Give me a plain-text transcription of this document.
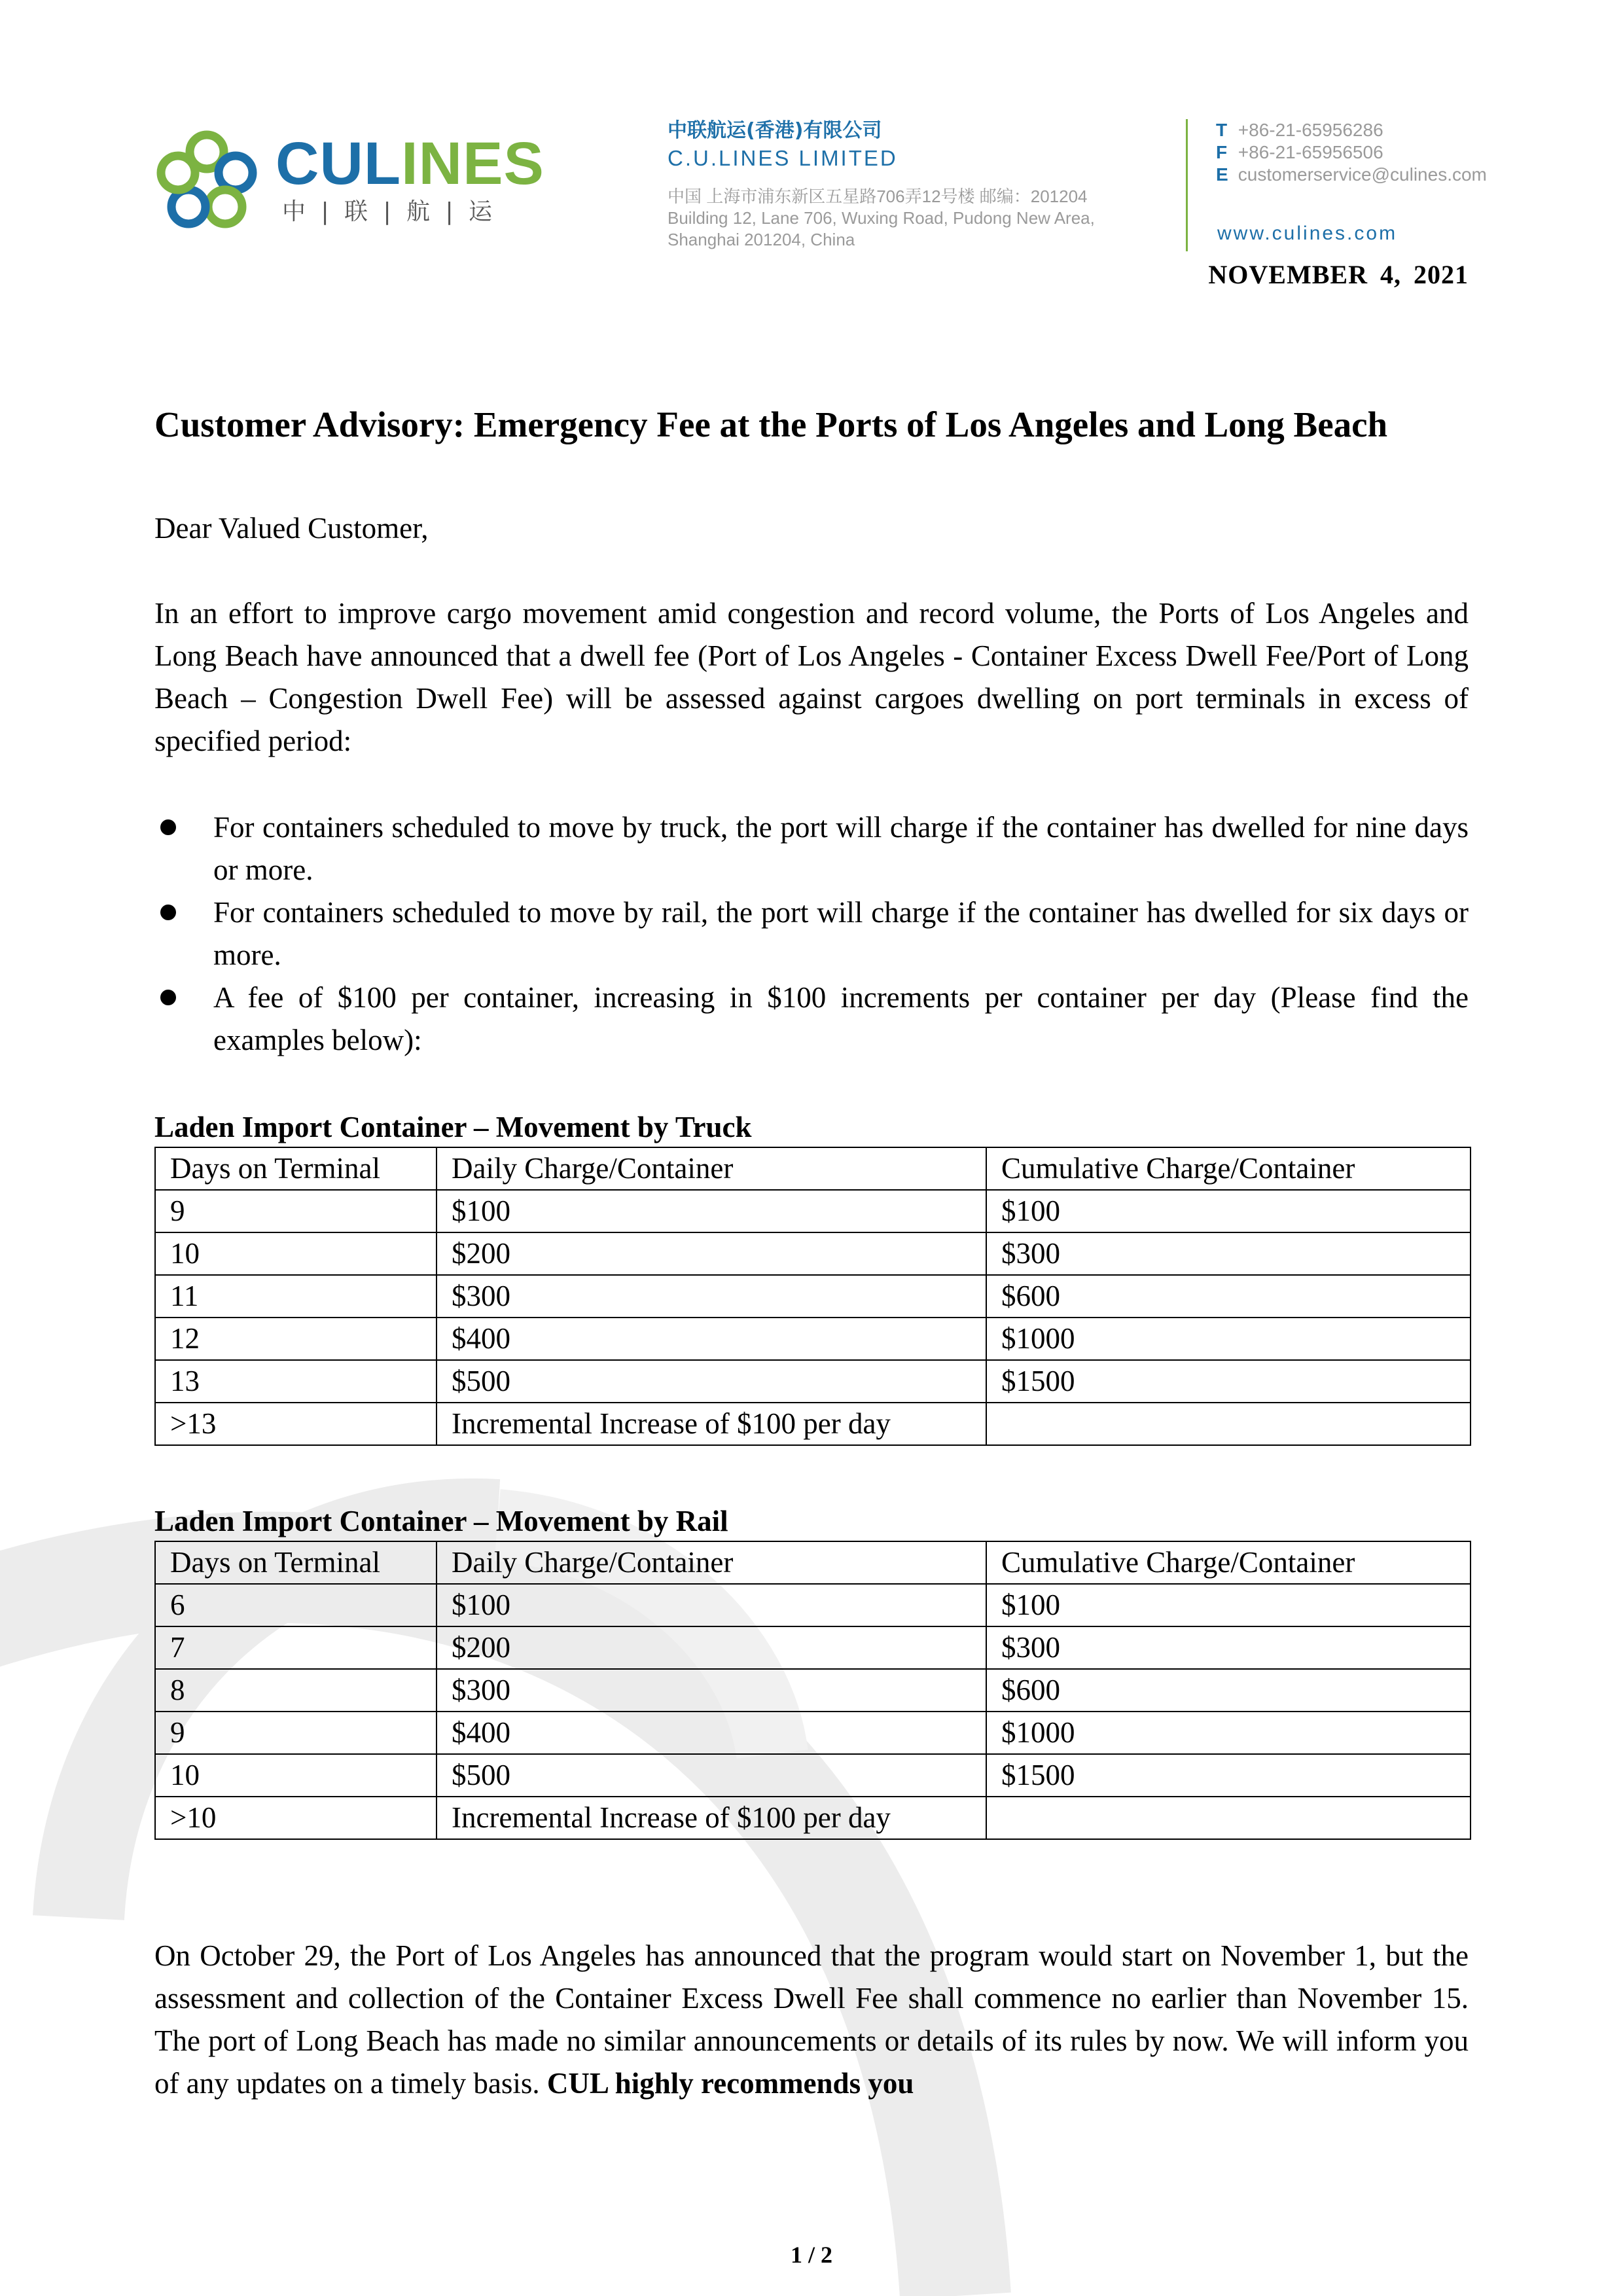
CULINES
中 | 联 | 航 | 运
中联航运(香港)有限公司
C.U.LINES LIMITED
中国 上海市浦东新区五星路706弄12号楼 邮编：201204
Building 12, Lane 706, Wuxing Road, Pudong New Area,
Shanghai 201204, China
T +86-21-65956286
F +86-21-65956506
E customerservice@culines.com
www.culines.com
NOVEMBER 4, 2021
Customer Advisory: Emergency Fee at the Ports of Los Angeles and Long Beach
Dear Valued Customer,
In an effort to improve cargo movement amid congestion and record volume, the Ports of Los Angeles and Long Beach have announced that a dwell fee (Port of Los Angeles - Container Excess Dwell Fee/Port of Long Beach – Congestion Dwell Fee) will be assessed against cargoes dwelling on port terminals in excess of specified period:
For containers scheduled to move by truck, the port will charge if the container has dwelled for nine days or more.
For containers scheduled to move by rail, the port will charge if the container has dwelled for six days or more.
A fee of $100 per container, increasing in $100 increments per container per day (Please find the examples below):
Laden Import Container – Movement by Truck
Days on Terminal	Daily Charge/Container	Cumulative Charge/Container
9	$100	$100
10	$200	$300
11	$300	$600
12	$400	$1000
13	$500	$1500
>13	Incremental Increase of $100 per day	
Laden Import Container – Movement by Rail
Days on Terminal	Daily Charge/Container	Cumulative Charge/Container
6	$100	$100
7	$200	$300
8	$300	$600
9	$400	$1000
10	$500	$1500
>10	Incremental Increase of $100 per day	
On October 29, the Port of Los Angeles has announced that the program would start on November 1, but the assessment and collection of the Container Excess Dwell Fee shall commence no earlier than November 15. The port of Long Beach has made no similar announcements or details of its rules by now. We will inform you of any updates on a timely basis. CUL highly recommends you
1 / 2
